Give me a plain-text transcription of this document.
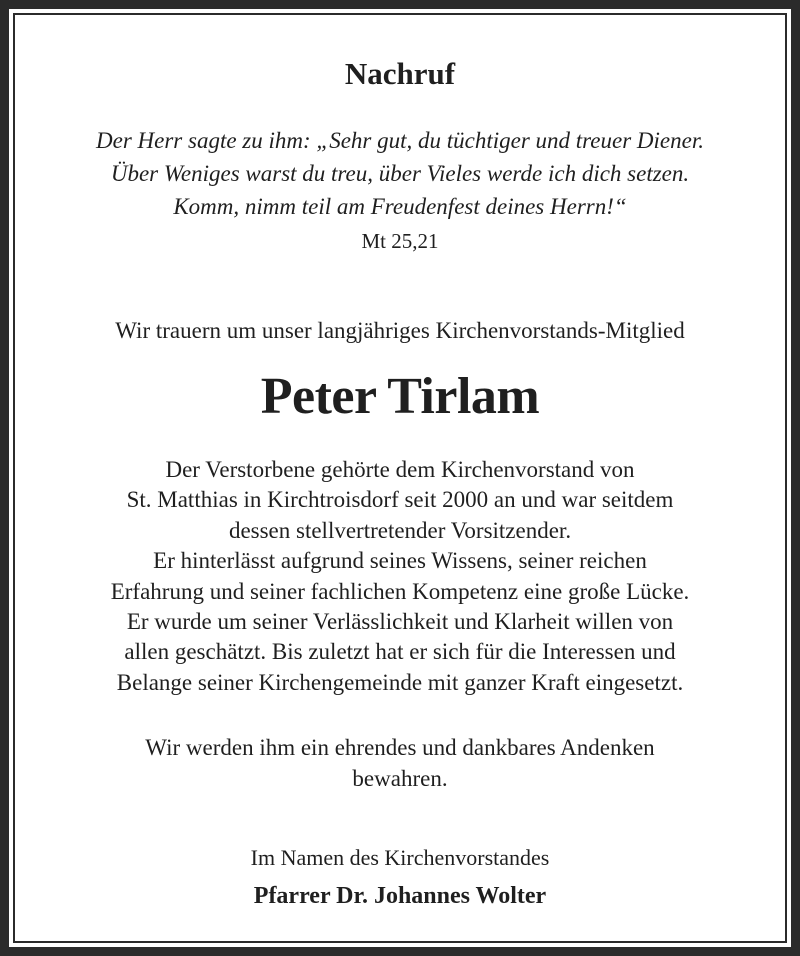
Nachruf
Der Herr sagte zu ihm: „Sehr gut, du tüchtiger und treuer Diener.
Über Weniges warst du treu, über Vieles werde ich dich setzen.
Komm, nimm teil am Freudenfest deines Herrn!“
Mt 25,21
Wir trauern um unser langjähriges Kirchenvorstands-Mitglied
Peter Tirlam
Der Verstorbene gehörte dem Kirchenvorstand von
St. Matthias in Kirchtroisdorf seit 2000 an und war seitdem
dessen stellvertretender Vorsitzender.
Er hinterlässt aufgrund seines Wissens, seiner reichen
Erfahrung und seiner fachlichen Kompetenz eine große Lücke.
Er wurde um seiner Verlässlichkeit und Klarheit willen von
allen geschätzt. Bis zuletzt hat er sich für die Interessen und
Belange seiner Kirchengemeinde mit ganzer Kraft eingesetzt.
Wir werden ihm ein ehrendes und dankbares Andenken
bewahren.
Im Namen des Kirchenvorstandes
Pfarrer Dr. Johannes Wolter
